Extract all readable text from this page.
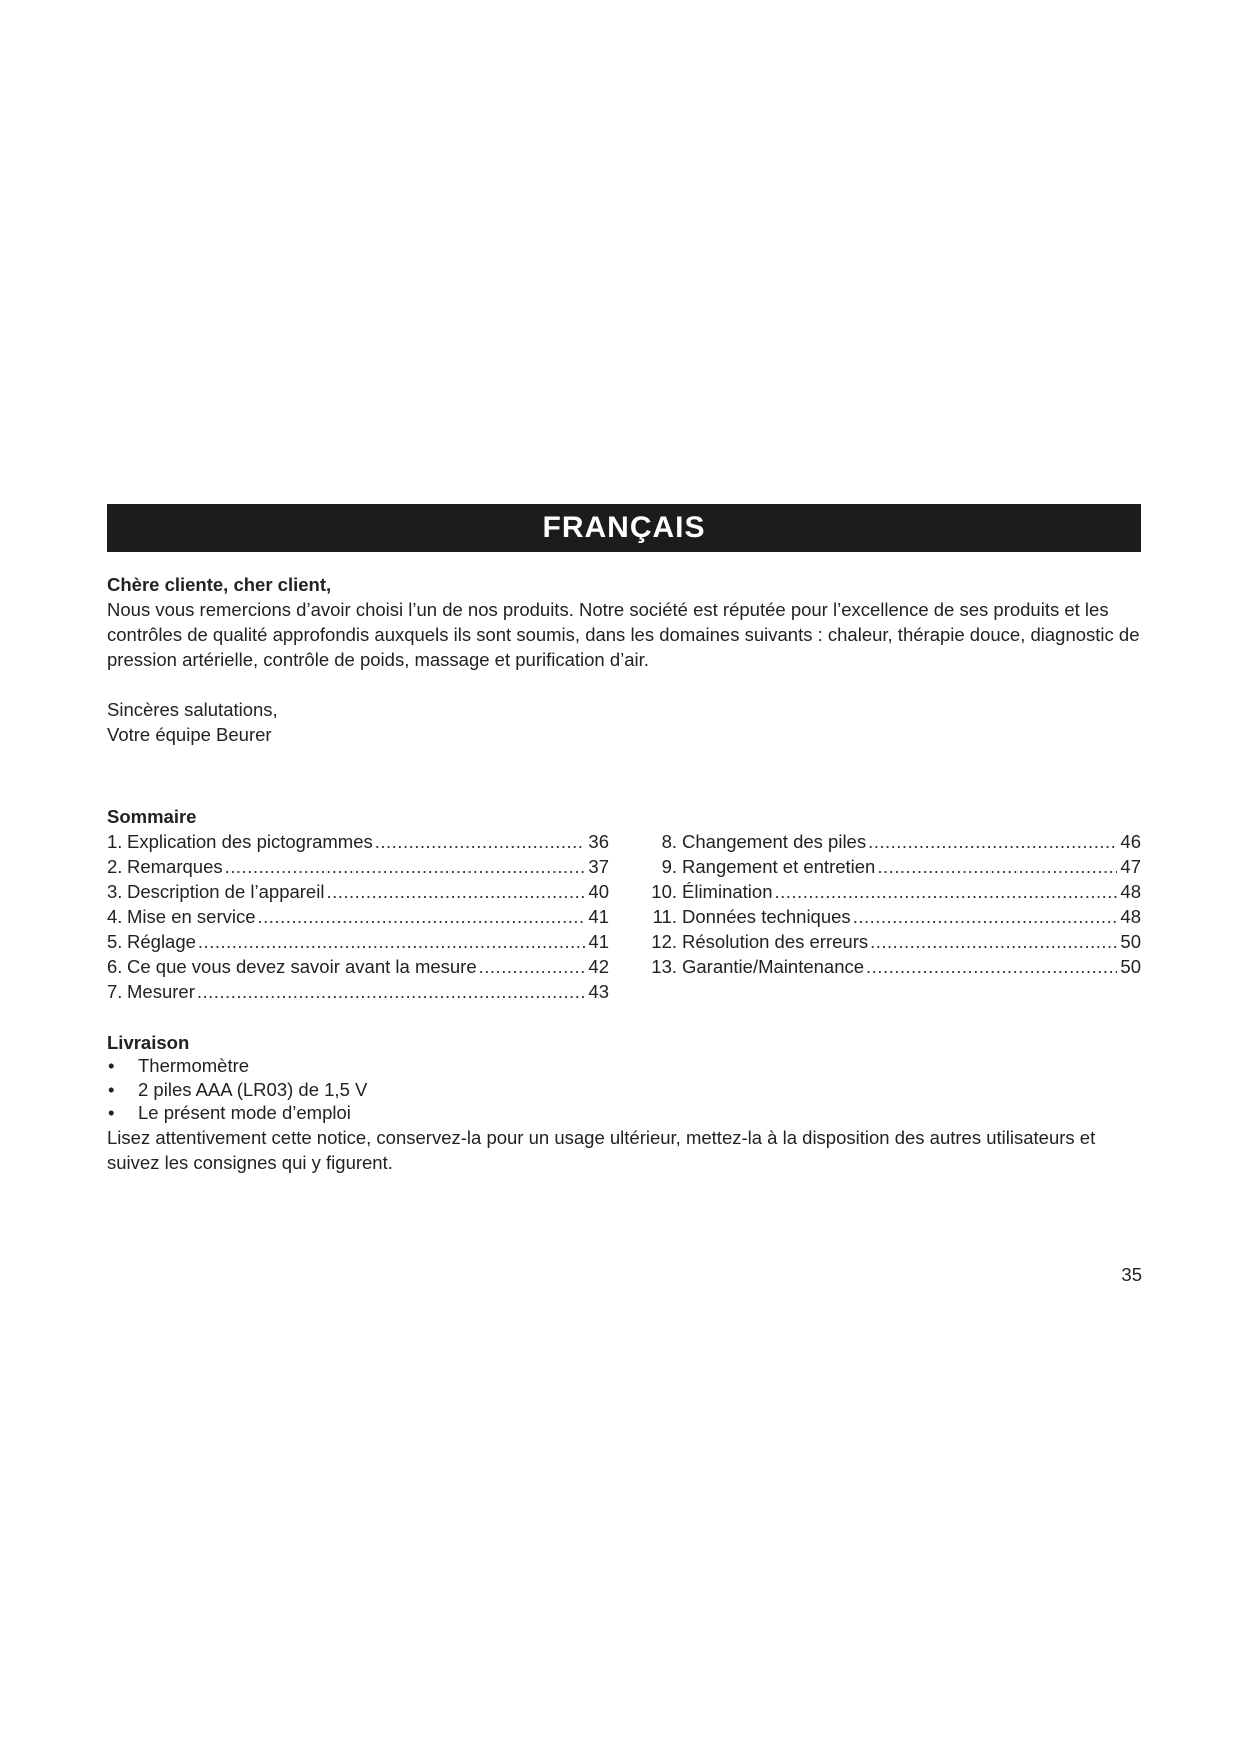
FRANÇAIS
Chère cliente, cher client,
Nous vous remercions d’avoir choisi l’un de nos produits. Notre société est réputée pour l’excellence de ses produits et les contrôles de qualité approfondis auxquels ils sont soumis, dans les domaines suivants : chaleur, thérapie douce, diagnostic de pression artérielle, contrôle de poids, massage et purification d’air.
Sincères salutations,
Votre équipe Beurer
Sommaire
1. Explication des pictogrammes .....	36
2. Remarques .....	37
3. Description de l’appareil .....	40
4. Mise en service .....	41
5. Réglage .....	41
6. Ce que vous devez savoir avant la mesure .....	42
7. Mesurer .....	43
8. Changement des piles .....	46
9. Rangement et entretien .....	47
10. Élimination .....	48
11. Données techniques .....	48
12. Résolution des erreurs .....	50
13. Garantie/Maintenance .....	50
Livraison
•	Thermomètre
•	2 piles AAA (LR03) de 1,5 V
•	Le présent mode d’emploi
Lisez attentivement cette notice, conservez-la pour un usage ultérieur, mettez-la à la disposition des autres utilisateurs et suivez les consignes qui y figurent.
35
